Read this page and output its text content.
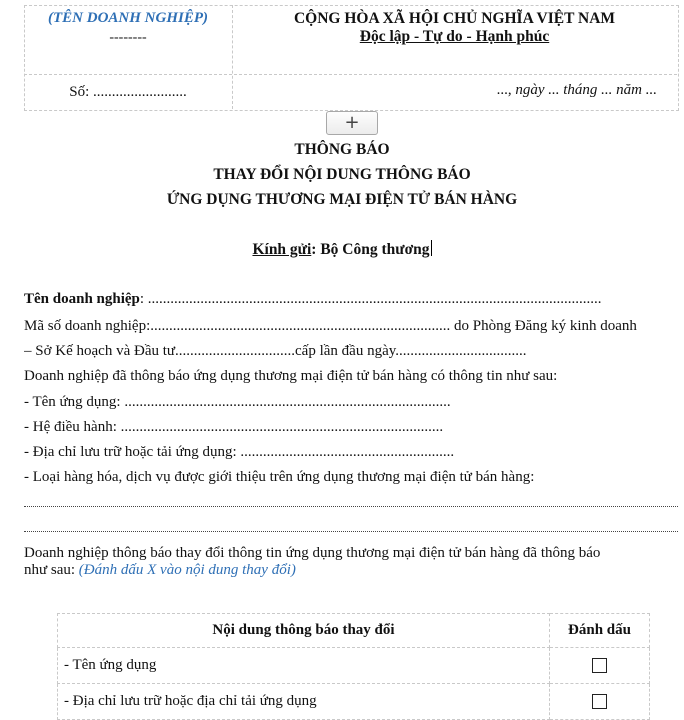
(TÊN DOANH NGHIỆP)
--------
CỘNG HÒA XÃ HỘI CHỦ NGHĨA VIỆT NAM
Độc lập - Tự do - Hạnh phúc
Số: .........................	..., ngày ... tháng ... năm ...
+
THÔNG BÁO
THAY ĐỔI NỘI DUNG THÔNG BÁO
ỨNG DỤNG THƯƠNG MẠI ĐIỆN TỬ BÁN HÀNG
Kính gửi: Bộ Công thương
Tên doanh nghiệp: .........................................................................................................................
Mã số doanh nghiệp:................................................................................ do Phòng Đăng ký kinh doanh
– Sở Kế hoạch và Đầu tư................................cấp lần đầu ngày...................................
Doanh nghiệp đã thông báo ứng dụng thương mại điện tử bán hàng có thông tin như sau:
- Tên ứng dụng: .......................................................................................
- Hệ điều hành: ......................................................................................
- Địa chỉ lưu trữ hoặc tải ứng dụng: .........................................................
- Loại hàng hóa, dịch vụ được giới thiệu trên ứng dụng thương mại điện tử bán hàng:
Doanh nghiệp thông báo thay đổi thông tin ứng dụng thương mại điện tử bán hàng đã thông báo
như sau: (Đánh dấu X vào nội dung thay đổi)
Nội dung thông báo thay đổi	Đánh dấu
- Tên ứng dụng	
- Địa chỉ lưu trữ hoặc địa chỉ tải ứng dụng	
